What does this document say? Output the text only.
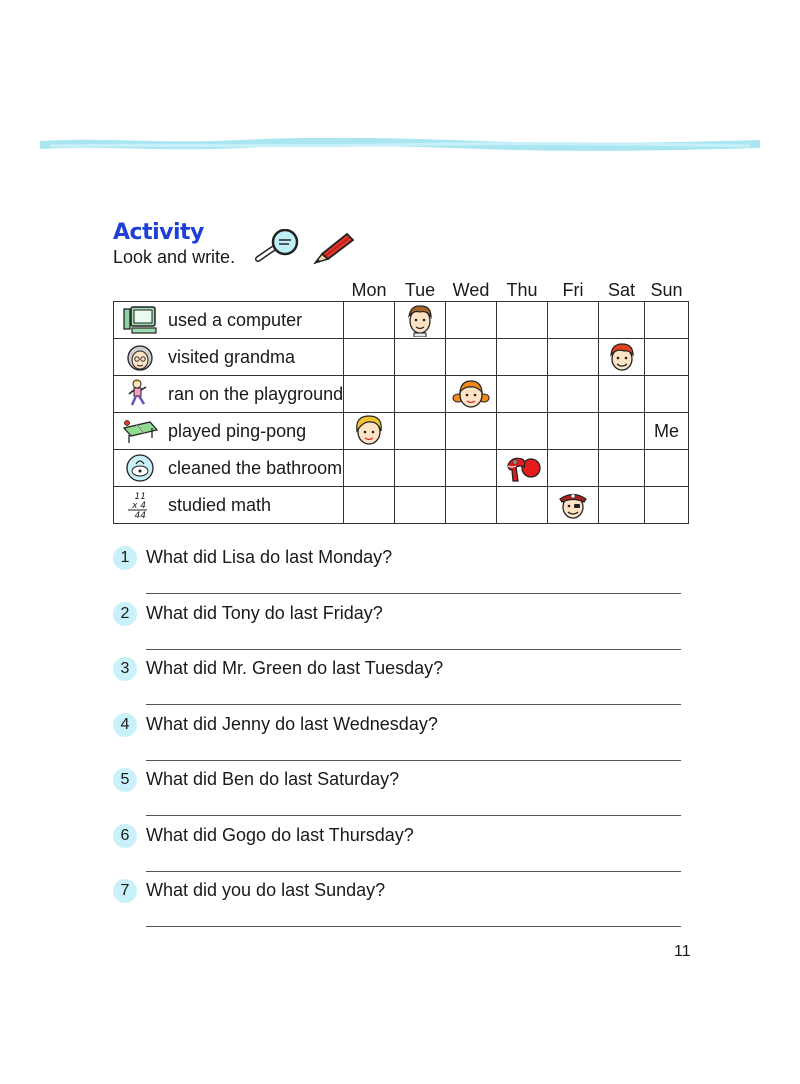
Activity
Look and write.
	Mon	Tue	Wed	Thu	Fri	Sat	Sun

used a computer

visited grandma

ran on the playground

played ping-pong							Me

cleaned the bathroom

11
x 4
44
studied math

1 What did Lisa do last Monday?
2 What did Tony do last Friday?
3 What did Mr. Green do last Tuesday?
4 What did Jenny do last Wednesday?
5 What did Ben do last Saturday?
6 What did Gogo do last Thursday?
7 What did you do last Sunday?
11
